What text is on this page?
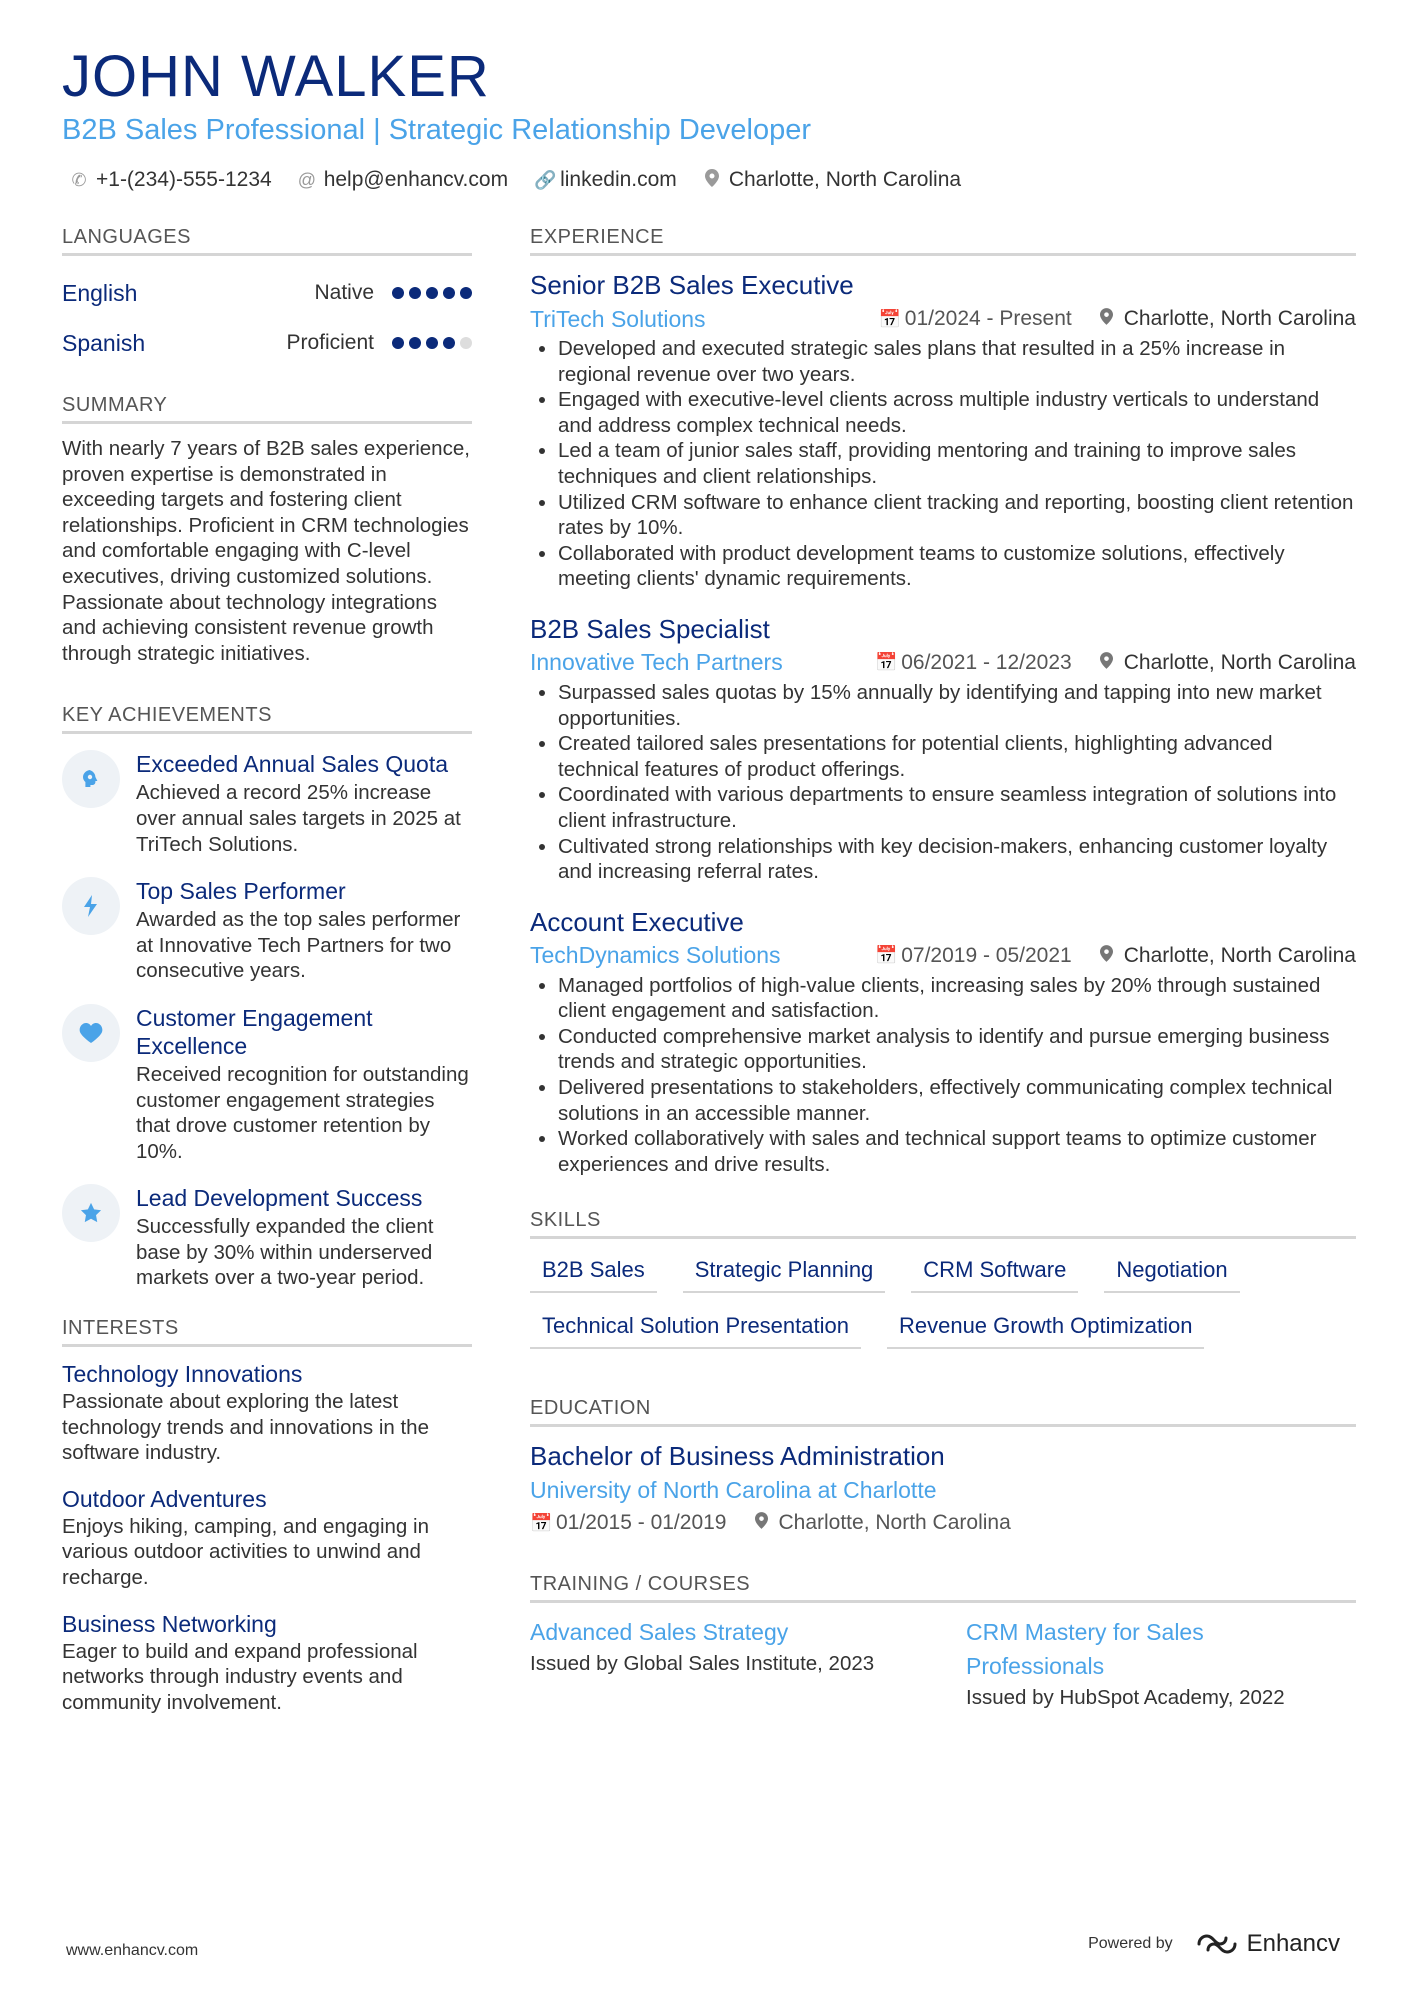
JOHN WALKER
B2B Sales Professional | Strategic Relationship Developer
✆ +1-(234)-555-1234 @ help@enhancv.com 🔗 linkedin.com Charlotte, North Carolina
LANGUAGES
English	Native
Spanish	Proficient
SUMMARY

With nearly 7 years of B2B sales experience, proven expertise is demonstrated in exceeding targets and fostering client relationships. Proficient in CRM technologies and comfortable engaging with C-level executives, driving customized solutions. Passionate about technology integrations and achieving consistent revenue growth through strategic initiatives.

KEY ACHIEVEMENTS
Exceeded Annual Sales Quota
Achieved a record 25% increase over annual sales targets in 2025 at TriTech Solutions.
Top Sales Performer
Awarded as the top sales performer at Innovative Tech Partners for two consecutive years.
Customer Engagement Excellence
Received recognition for outstanding customer engagement strategies that drove customer retention by 10%.
Lead Development Success
Successfully expanded the client base by 30% within underserved markets over a two-year period.
INTERESTS
Technology Innovations
Passionate about exploring the latest technology trends and innovations in the software industry.
Outdoor Adventures
Enjoys hiking, camping, and engaging in various outdoor activities to unwind and recharge.
Business Networking
Eager to build and expand professional networks through industry events and community involvement.
EXPERIENCE
Senior B2B Sales Executive
TriTech Solutions	📅 01/2024 - Present Charlotte, North Carolina
• Developed and executed strategic sales plans that resulted in a 25% increase in regional revenue over two years.
• Engaged with executive-level clients across multiple industry verticals to understand and address complex technical needs.
• Led a team of junior sales staff, providing mentoring and training to improve sales techniques and client relationships.
• Utilized CRM software to enhance client tracking and reporting, boosting client retention rates by 10%.
• Collaborated with product development teams to customize solutions, effectively meeting clients' dynamic requirements.
B2B Sales Specialist
Innovative Tech Partners	📅 06/2021 - 12/2023 Charlotte, North Carolina
• Surpassed sales quotas by 15% annually by identifying and tapping into new market opportunities.
• Created tailored sales presentations for potential clients, highlighting advanced technical features of product offerings.
• Coordinated with various departments to ensure seamless integration of solutions into client infrastructure.
• Cultivated strong relationships with key decision-makers, enhancing customer loyalty and increasing referral rates.
Account Executive
TechDynamics Solutions	📅 07/2019 - 05/2021 Charlotte, North Carolina
• Managed portfolios of high-value clients, increasing sales by 20% through sustained client engagement and satisfaction.
• Conducted comprehensive market analysis to identify and pursue emerging business trends and strategic opportunities.
• Delivered presentations to stakeholders, effectively communicating complex technical solutions in an accessible manner.
• Worked collaboratively with sales and technical support teams to optimize customer experiences and drive results.
SKILLS
B2B Sales	Strategic Planning	CRM Software	Negotiation
Technical Solution Presentation	Revenue Growth Optimization
EDUCATION
Bachelor of Business Administration
University of North Carolina at Charlotte
📅 01/2015 - 01/2019 Charlotte, North Carolina
TRAINING / COURSES
Advanced Sales Strategy
Issued by Global Sales Institute, 2023
CRM Mastery for Sales Professionals
Issued by HubSpot Academy, 2022
www.enhancv.com	Powered by	Enhancv
